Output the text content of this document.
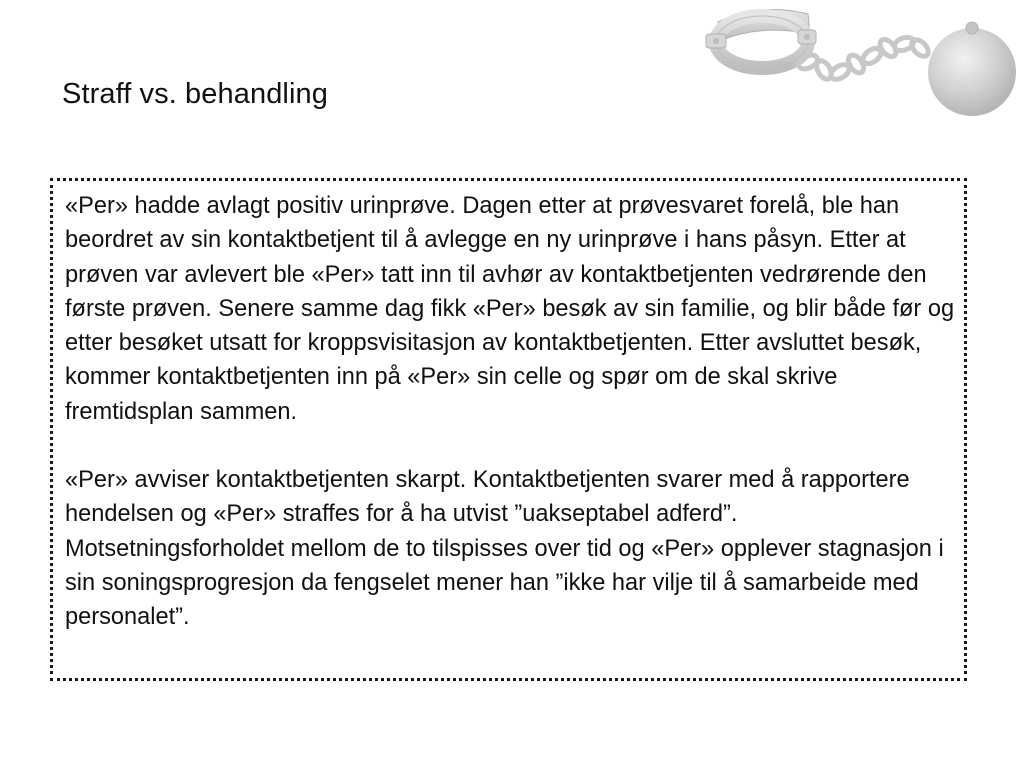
Straff vs. behandling

«Per» hadde avlagt positiv urinprøve. Dagen etter at prøvesvaret forelå, ble han beordret av sin kontaktbetjent til å avlegge en ny urinprøve i hans påsyn. Etter at prøven var avlevert ble «Per» tatt inn til avhør av kontaktbetjenten vedrørende den første prøven. Senere samme dag fikk «Per» besøk av sin familie, og blir både før og etter besøket utsatt for kroppsvisitasjon av kontaktbetjenten. Etter avsluttet besøk, kommer kontaktbetjenten inn på «Per» sin celle og spør om de skal skrive fremtidsplan sammen.

«Per» avviser kontaktbetjenten skarpt. Kontaktbetjenten svarer med å rapportere hendelsen og «Per» straffes for å ha utvist ”uakseptabel adferd”. Motsetningsforholdet mellom de to tilspisses over tid og «Per» opplever stagnasjon i sin soningsprogresjon da fengselet mener han ”ikke har vilje til å samarbeide med personalet”.
